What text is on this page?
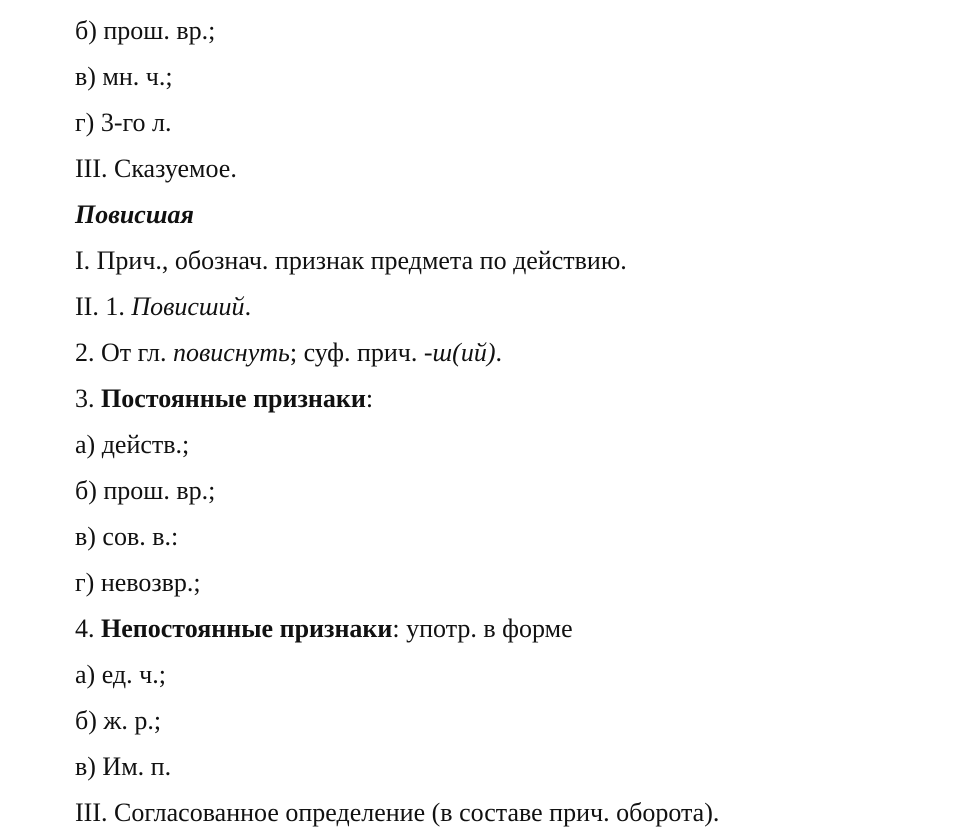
б) прош. вр.;
в) мн. ч.;
г) 3-го л.
III. Сказуемое.
Повисшая
I. Прич., обознач. признак предмета по действию.
II. 1. Повисший.
2. От гл. повиснуть; суф. прич. -ш(ий).
3. Постоянные признаки:
а) действ.;
б) прош. вр.;
в) сов. в.:
г) невозвр.;
4. Непостоянные признаки: употр. в форме
а) ед. ч.;
б) ж. р.;
в) Им. п.
III. Согласованное определение (в составе прич. оборота).
